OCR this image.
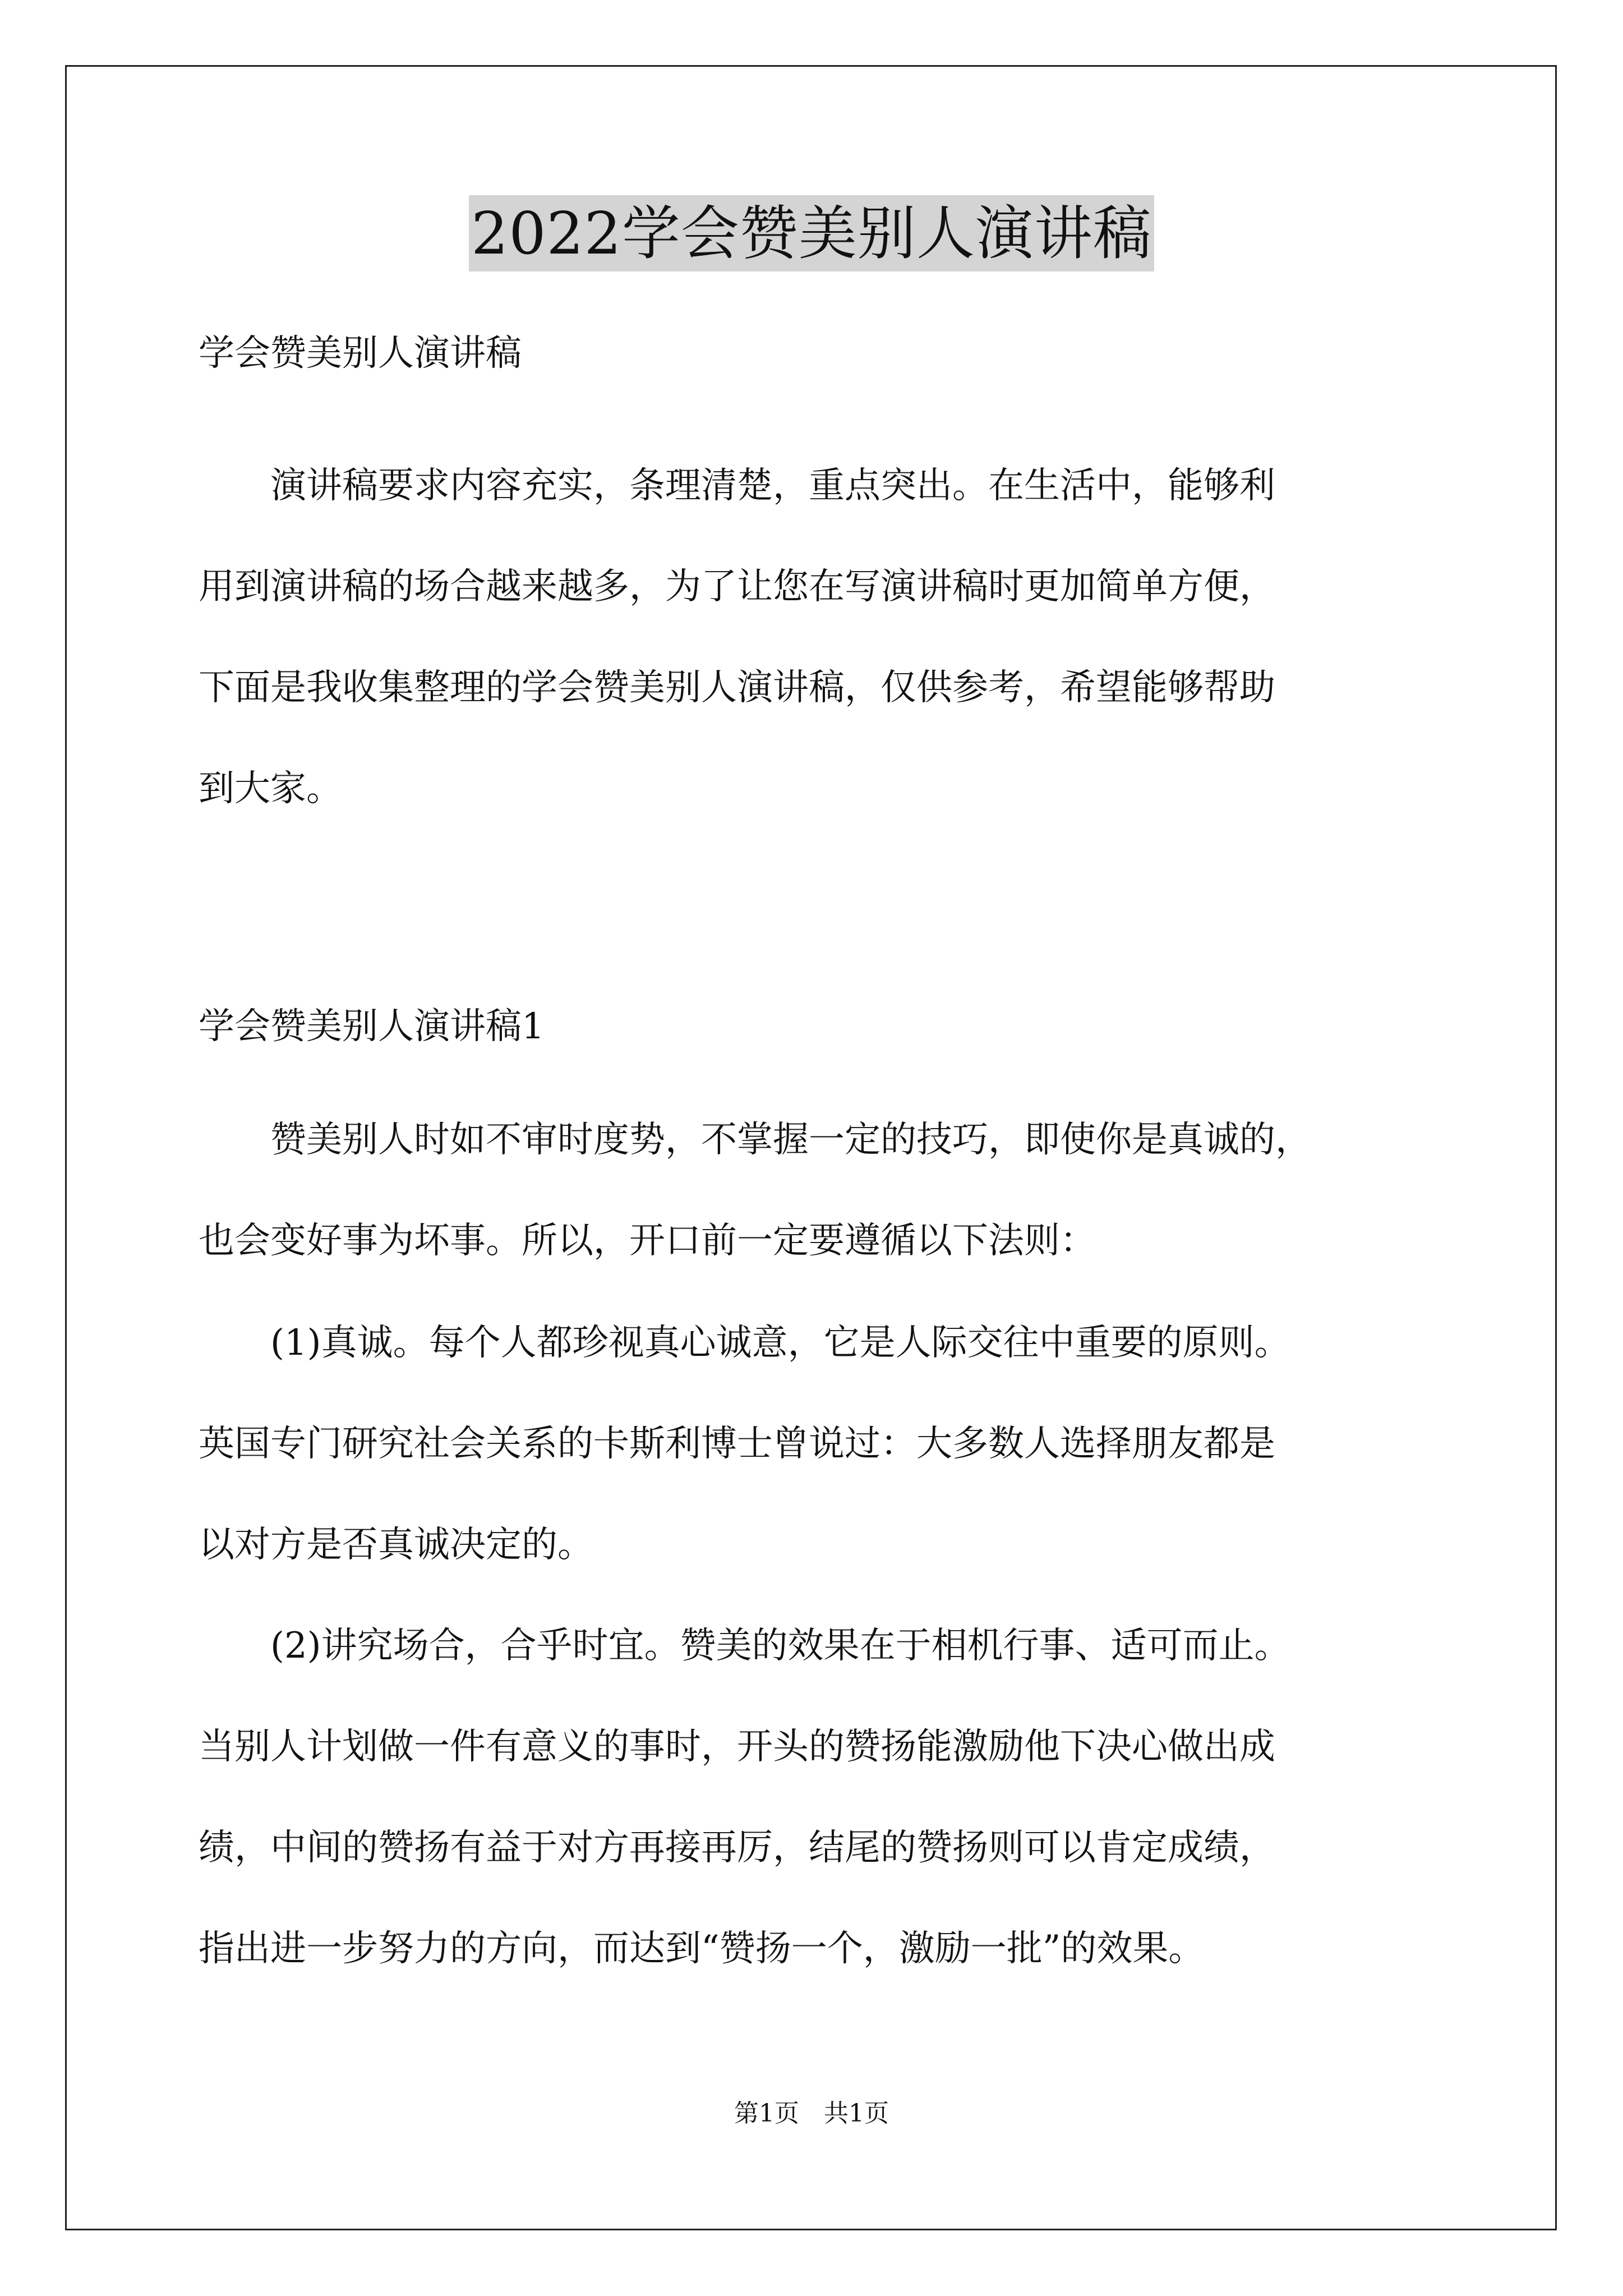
2022学会赞美别人演讲稿

学会赞美别人演讲稿

　　演讲稿要求内容充实，条理清楚，重点突出。在生活中，能够利

用到演讲稿的场合越来越多，为了让您在写演讲稿时更加简单方便，

下面是我收集整理的学会赞美别人演讲稿，仅供参考，希望能够帮助

到大家。

学会赞美别人演讲稿1

　　赞美别人时如不审时度势，不掌握一定的技巧，即使你是真诚的，

也会变好事为坏事。所以，开口前一定要遵循以下法则：

　　(1)真诚。每个人都珍视真心诚意，它是人际交往中重要的原则。

英国专门研究社会关系的卡斯利博士曾说过：大多数人选择朋友都是

以对方是否真诚决定的。

　　(2)讲究场合，合乎时宜。赞美的效果在于相机行事、适可而止。

当别人计划做一件有意义的事时，开头的赞扬能激励他下决心做出成

绩，中间的赞扬有益于对方再接再厉，结尾的赞扬则可以肯定成绩，

指出进一步努力的方向，而达到“赞扬一个，激励一批”的效果。

第1页　共1页
